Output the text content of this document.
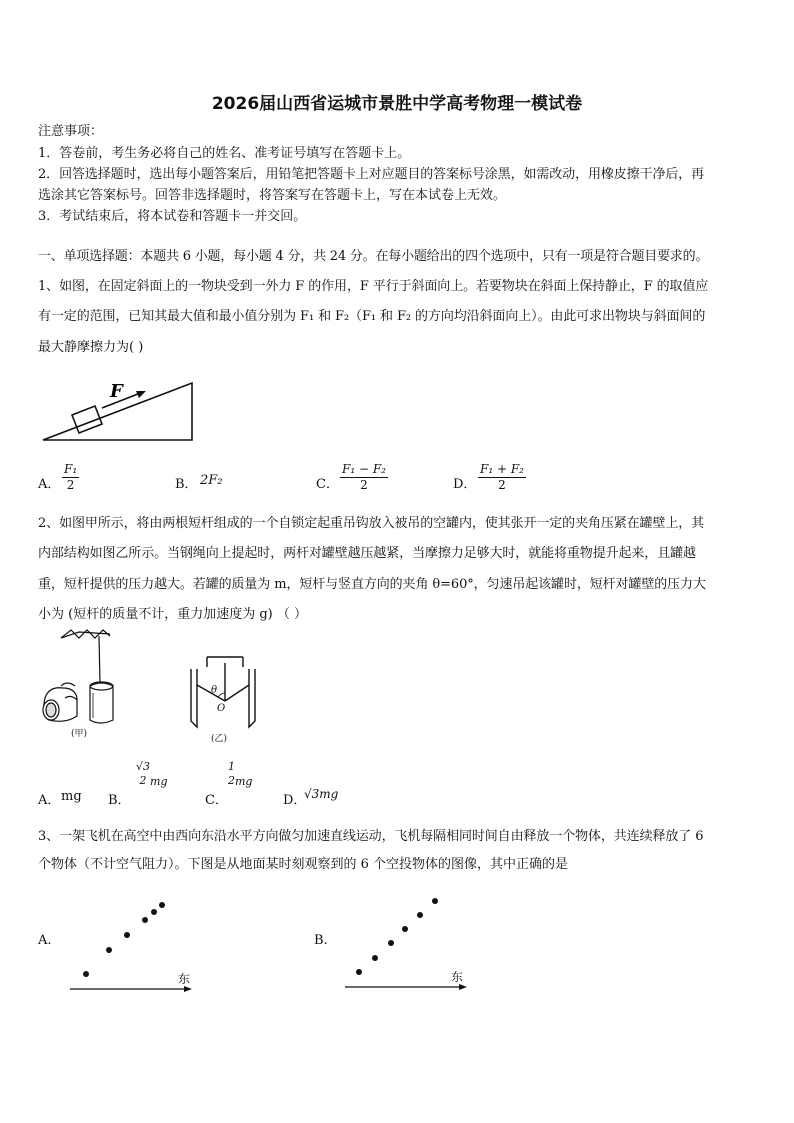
2026届山西省运城市景胜中学高考物理一模试卷
注意事项：
1．答卷前，考生务必将自己的姓名、准考证号填写在答题卡上。
2．回答选择题时，选出每小题答案后，用铅笔把答题卡上对应题目的答案标号涂黑，如需改动，用橡皮擦干净后，再
选涂其它答案标号。回答非选择题时，将答案写在答题卡上，写在本试卷上无效。
3．考试结束后，将本试卷和答题卡一并交回。
一、单项选择题：本题共 6 小题，每小题 4 分，共 24 分。在每小题给出的四个选项中，只有一项是符合题目要求的。
1、如图，在固定斜面上的一物块受到一外力 F 的作用，F 平行于斜面向上。若要物块在斜面上保持静止，F 的取值应
有一定的范围，已知其最大值和最小值分别为 F₁ 和 F₂（F₁ 和 F₂ 的方向均沿斜面向上）。由此可求出物块与斜面间的
最大静摩擦力为( )
F
A． $\frac{\text{F₁}}{2}$	B． 2F₂	C． $\frac{\text{F₁ − F₂}}{2}$	D． $\frac{\text{F₁ + F₂}}{2}$
2、如图甲所示，将由两根短杆组成的一个自锁定起重吊钩放入被吊的空罐内，使其张开一定的夹角压紧在罐壁上，其
内部结构如图乙所示。当钢绳向上提起时，两杆对罐壁越压越紧，当摩擦力足够大时，就能将重物提升起来，且罐越
重，短杆提供的压力越大。若罐的质量为 m，短杆与竖直方向的夹角 θ=60°，匀速吊起该罐时，短杆对罐壁的压力大
小为 (短杆的质量不计，重力加速度为 g) （ ）
(甲)
θ
O
(乙)
A． mg B．
√3
2 $_{mg}$
C．
1
2 $_{mg}$
D．
√3mg
3、一架飞机在高空中由西向东沿水平方向做匀加速直线运动，飞机每隔相同时间自由释放一个物体，共连续释放了 6
个物体（不计空气阻力）。下图是从地面某时刻观察到的 6 个空投物体的图像，其中正确的是
A.
东
B.
东
